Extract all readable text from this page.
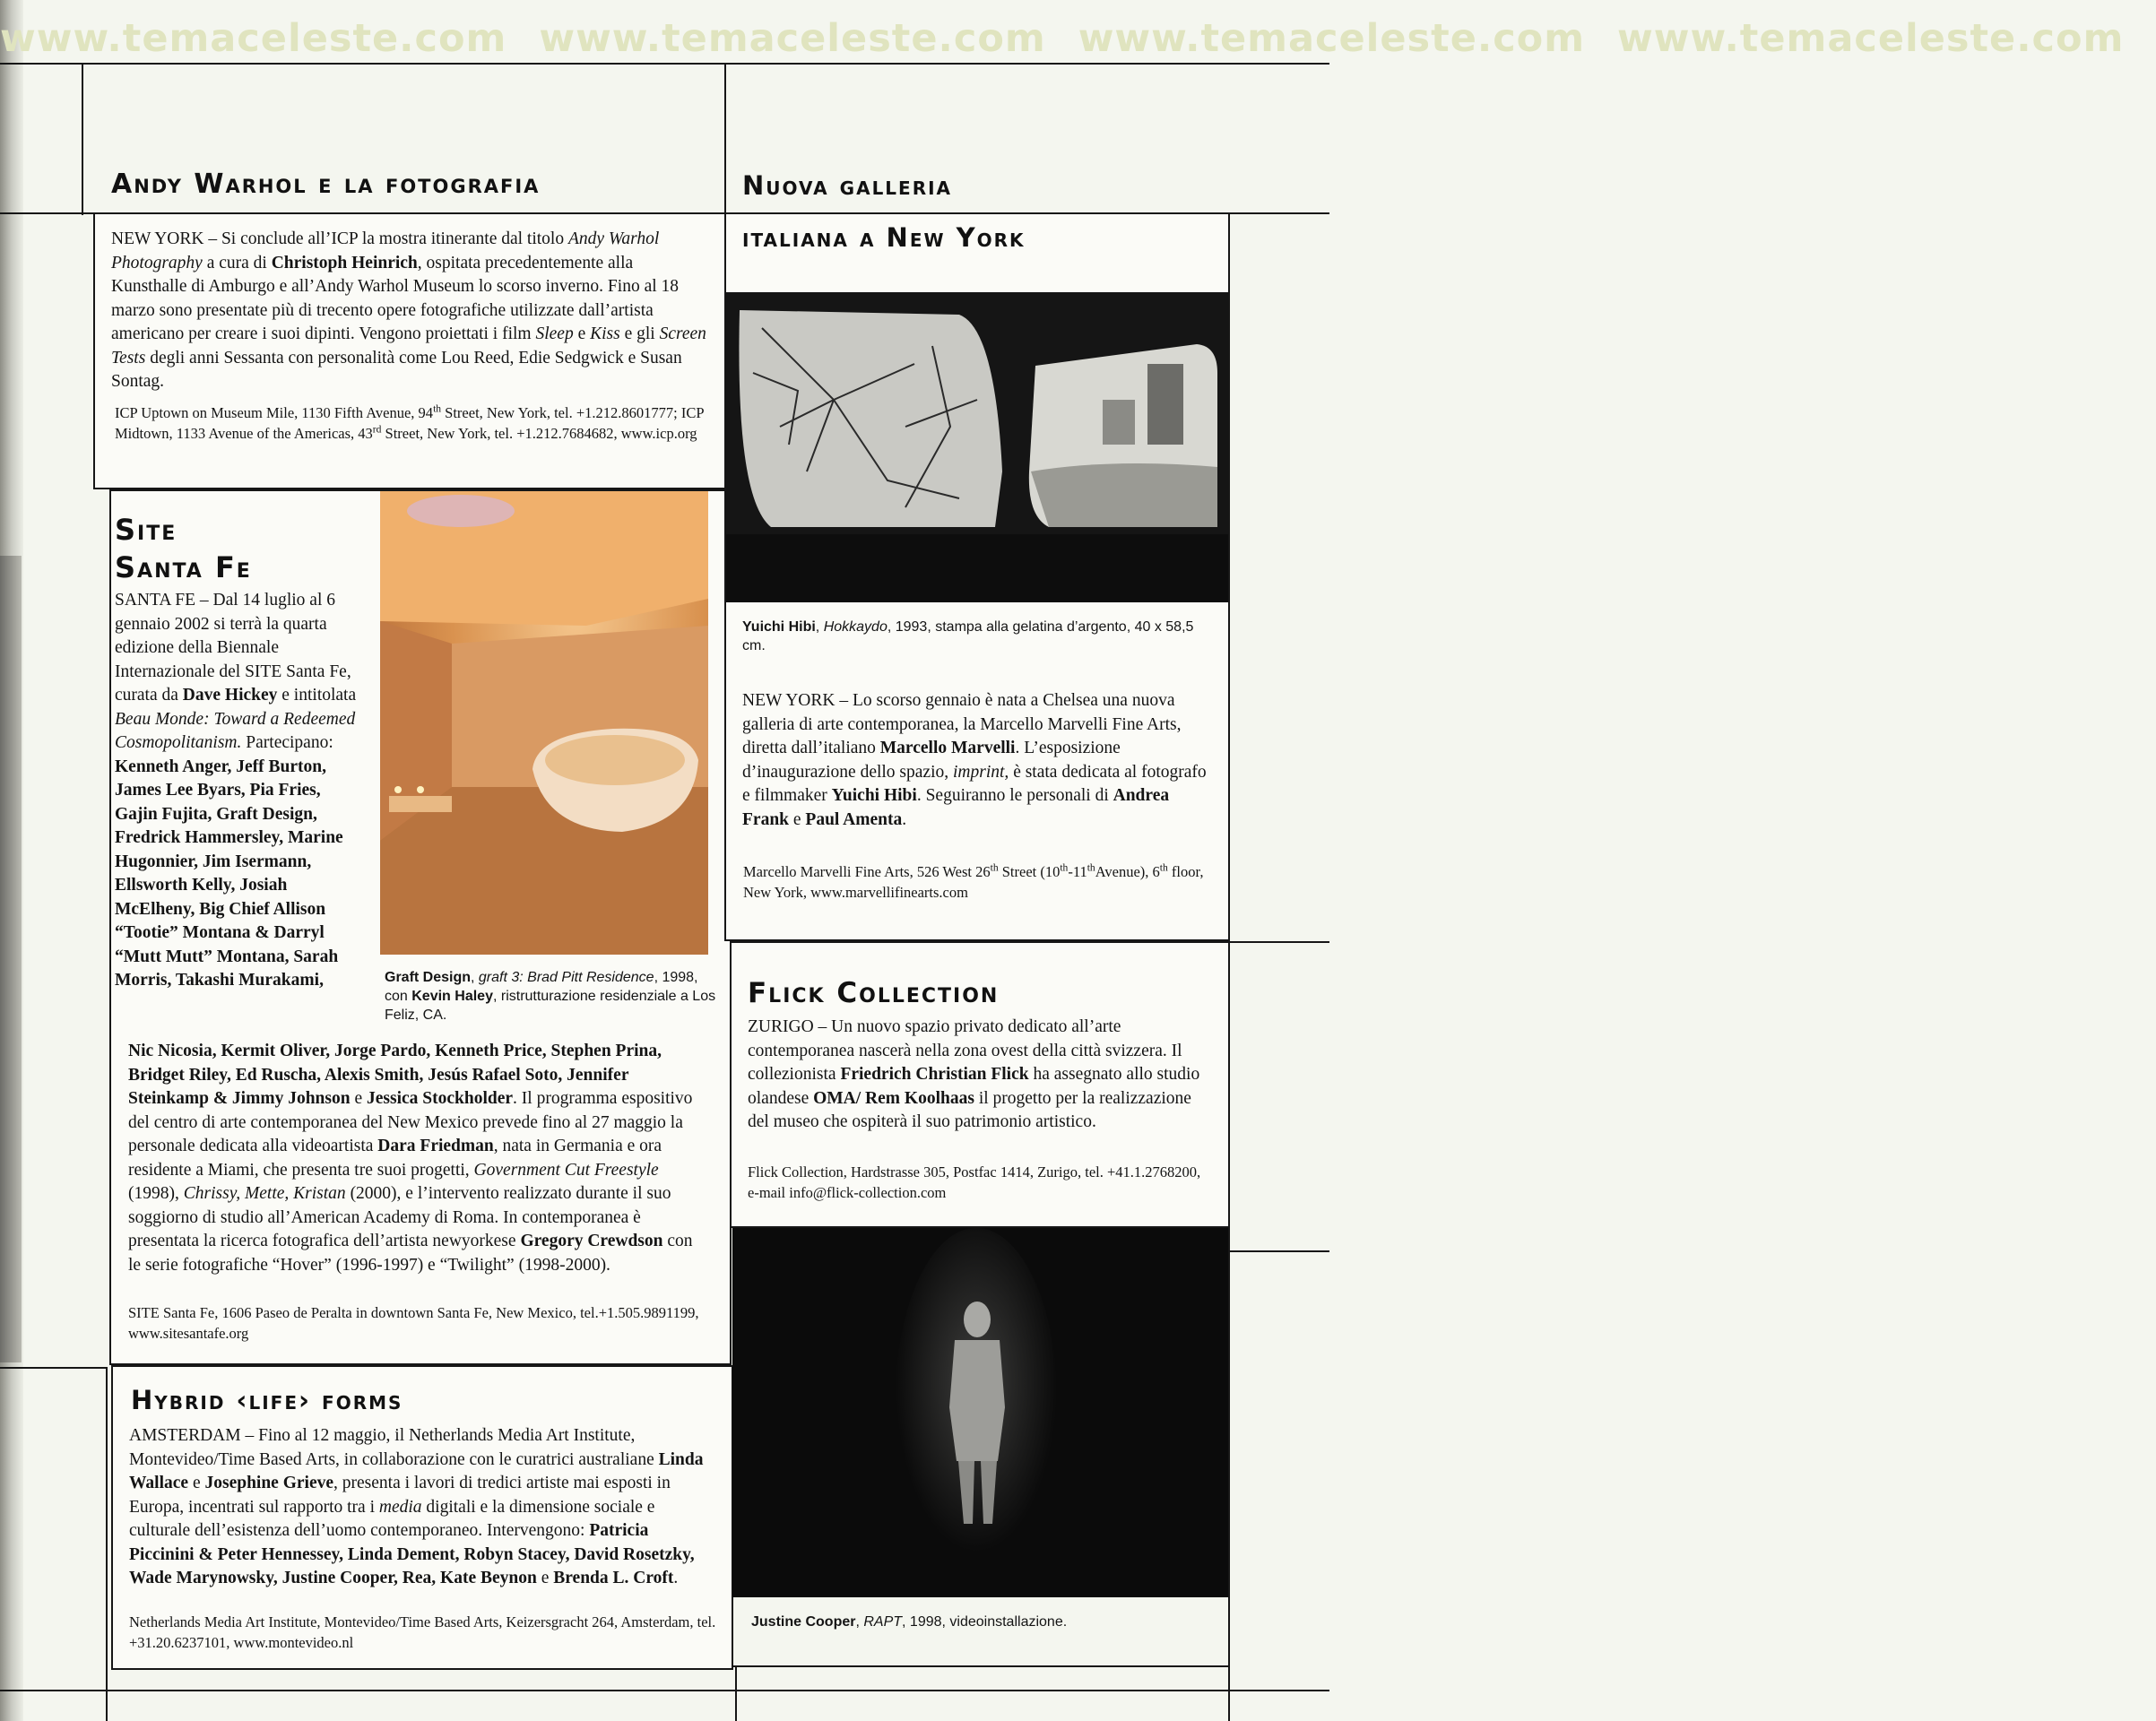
www.temaceleste.com www.temaceleste.com www.temaceleste.com www.temaceleste.com
Andy Warhol e la fotografia
NEW YORK – Si conclude all’ICP la mostra itinerante dal titolo Andy Warhol Photography a cura di Christoph Heinrich, ospitata precedentemente alla Kunsthalle di Amburgo e all’Andy Warhol Museum lo scorso inverno. Fino al 18 marzo sono presentate più di trecento opere fotografiche utilizzate dall’artista americano per creare i suoi dipinti. Vengono proiettati i film Sleep e Kiss e gli Screen Tests degli anni Sessanta con personalità come Lou Reed, Edie Sedgwick e Susan Sontag.
ICP Uptown on Museum Mile, 1130 Fifth Avenue, 94th Street, New York, tel. +1.212.8601777; ICP Midtown, 1133 Avenue of the Americas, 43rd Street, New York, tel. +1.212.7684682, www.icp.org
Site
Santa Fe
SANTA FE – Dal 14 luglio al 6 gennaio 2002 si terrà la quarta edizione della Biennale Internazionale del SITE Santa Fe, curata da Dave Hickey e intitolata Beau Monde: Toward a Redeemed Cosmopolitanism. Partecipano: Kenneth Anger, Jeff Burton, James Lee Byars, Pia Fries, Gajin Fujita, Graft Design, Fredrick Hammersley, Marine Hugonnier, Jim Isermann, Ellsworth Kelly, Josiah McElheny, Big Chief Allison “Tootie” Montana & Darryl “Mutt Mutt” Montana, Sarah Morris, Takashi Murakami,	Graft Design, graft 3: Brad Pitt Residence, 1998, con Kevin Haley, ristrutturazione residenziale a Los Feliz, CA.
Nic Nicosia, Kermit Oliver, Jorge Pardo, Kenneth Price, Stephen Prina, Bridget Riley, Ed Ruscha, Alexis Smith, Jesús Rafael Soto, Jennifer Steinkamp & Jimmy Johnson e Jessica Stockholder. Il programma espositivo del centro di arte contemporanea del New Mexico prevede fino al 27 maggio la personale dedicata alla videoartista Dara Friedman, nata in Germania e ora residente a Miami, che presenta tre suoi progetti, Government Cut Freestyle (1998), Chrissy, Mette, Kristan (2000), e l’intervento realizzato durante il suo soggiorno di studio all’American Academy di Roma. In contemporanea è presentata la ricerca fotografica dell’artista newyorkese Gregory Crewdson con le serie fotografiche “Hover” (1996-1997) e “Twilight” (1998-2000).
SITE Santa Fe, 1606 Paseo de Peralta in downtown Santa Fe, New Mexico, tel.+1.505.9891199, www.sitesantafe.org
Hybrid ‹life› forms
AMSTERDAM – Fino al 12 maggio, il Netherlands Media Art Institute, Montevideo/Time Based Arts, in collaborazione con le curatrici australiane Linda Wallace e Josephine Grieve, presenta i lavori di tredici artiste mai esposti in Europa, incentrati sul rapporto tra i media digitali e la dimensione sociale e culturale dell’esistenza dell’uomo contemporaneo. Intervengono: Patricia Piccinini & Peter Hennessey, Linda Dement, Robyn Stacey, David Rosetzky, Wade Marynowsky, Justine Cooper, Rea, Kate Beynon e Brenda L. Croft.
Netherlands Media Art Institute, Montevideo/Time Based Arts, Keizersgracht 264, Amsterdam, tel. +31.20.6237101, www.montevideo.nl
Nuova galleria
italiana a New York
Yuichi Hibi, Hokkaydo, 1993, stampa alla gelatina d’argento, 40 x 58,5 cm.
NEW YORK – Lo scorso gennaio è nata a Chelsea una nuova galleria di arte contemporanea, la Marcello Marvelli Fine Arts, diretta dall’italiano Marcello Marvelli. L’esposizione d’inaugurazione dello spazio, imprint, è stata dedicata al fotografo e filmmaker Yuichi Hibi. Seguiranno le personali di Andrea Frank e Paul Amenta.
Marcello Marvelli Fine Arts, 526 West 26th Street (10th-11thAvenue), 6th floor, New York, www.marvellifinearts.com
Flick Collection
ZURIGO – Un nuovo spazio privato dedicato all’arte contemporanea nascerà nella zona ovest della città svizzera. Il collezionista Friedrich Christian Flick ha assegnato allo studio olandese OMA/ Rem Koolhaas il progetto per la realizzazione del museo che ospiterà il suo patrimonio artistico.
Flick Collection, Hardstrasse 305, Postfac 1414, Zurigo, tel. +41.1.2768200, e-mail info@flick-collection.com
Justine Cooper, RAPT, 1998, videoinstallazione.
